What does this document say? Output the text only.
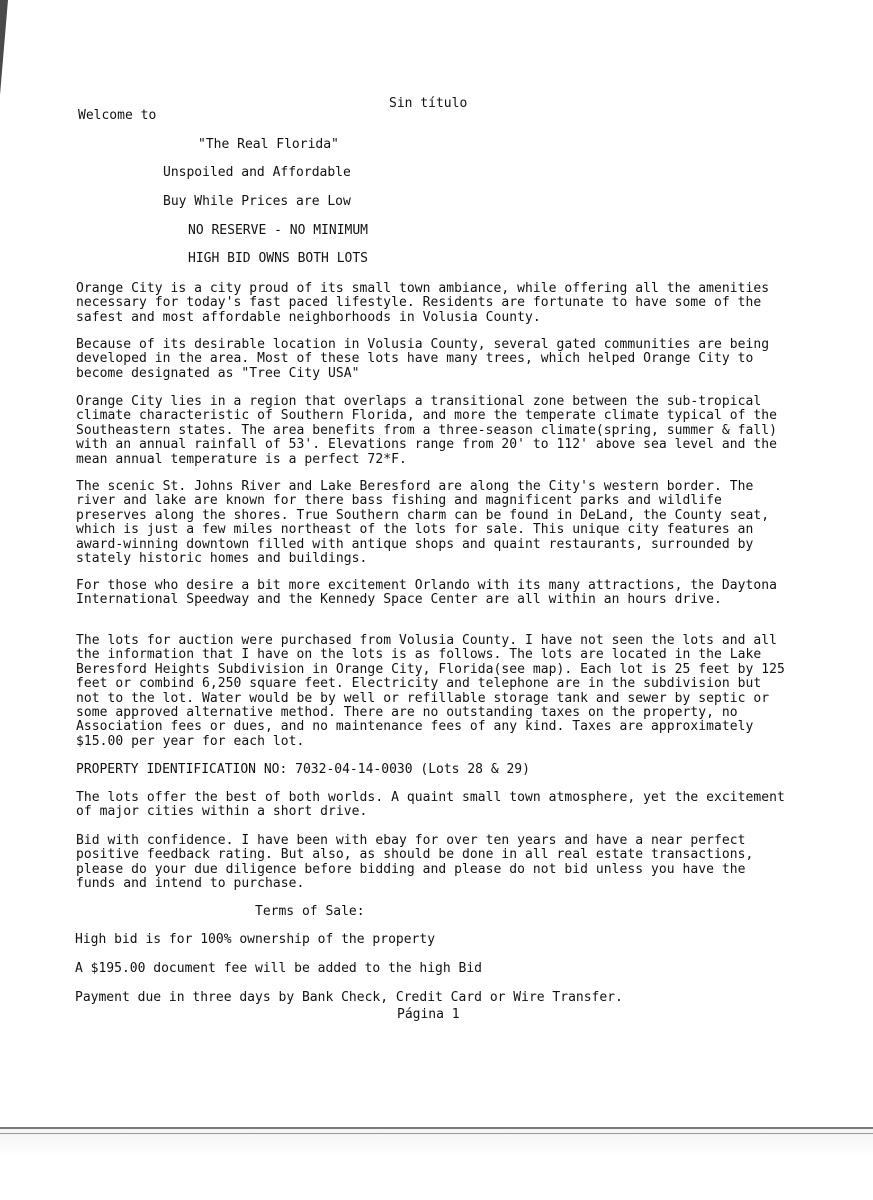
Sin título
Welcome to
"The Real Florida"
Unspoiled and Affordable
Buy While Prices are Low
NO RESERVE - NO MINIMUM
HIGH BID OWNS BOTH LOTS
Orange City is a city proud of its small town ambiance, while offering all the amenities necessary for today's fast paced lifestyle. Residents are fortunate to have some of the safest and most affordable neighborhoods in Volusia County.
Because of its desirable location in Volusia County, several gated communities are being developed in the area. Most of these lots have many trees, which helped Orange City to become designated as "Tree City USA"
Orange City lies in a region that overlaps a transitional zone between the sub-tropical climate characteristic of Southern Florida, and more the temperate climate typical of the Southeastern states. The area benefits from a three-season climate(spring, summer & fall) with an annual rainfall of 53'. Elevations range from 20' to 112' above sea level and the mean annual temperature is a perfect 72*F.
The scenic St. Johns River and Lake Beresford are along the City's western border. The river and lake are known for there bass fishing and magnificent parks and wildlife preserves along the shores. True Southern charm can be found in DeLand, the County seat, which is just a few miles northeast of the lots for sale. This unique city features an award-winning downtown filled with antique shops and quaint restaurants, surrounded by stately historic homes and buildings.
For those who desire a bit more excitement Orlando with its many attractions, the Daytona International Speedway and the Kennedy Space Center are all within an hours drive.
The lots for auction were purchased from Volusia County. I have not seen the lots and all the information that I have on the lots is as follows. The lots are located in the Lake Beresford Heights Subdivision in Orange City, Florida(see map). Each lot is 25 feet by 125 feet or combind 6,250 square feet. Electricity and telephone are in the subdivision but not to the lot. Water would be by well or refillable storage tank and sewer by septic or some approved alternative method. There are no outstanding taxes on the property, no Association fees or dues, and no maintenance fees of any kind. Taxes are approximately $15.00 per year for each lot.
PROPERTY IDENTIFICATION NO: 7032-04-14-0030 (Lots 28 & 29)
The lots offer the best of both worlds. A quaint small town atmosphere, yet the excitement of major cities within a short drive.
Bid with confidence. I have been with ebay for over ten years and have a near perfect positive feedback rating. But also, as should be done in all real estate transactions, please do your due diligence before bidding and please do not bid unless you have the funds and intend to purchase.
Terms of Sale:
High bid is for 100% ownership of the property
A $195.00 document fee will be added to the high Bid
Payment due in three days by Bank Check, Credit Card or Wire Transfer.
Página 1
